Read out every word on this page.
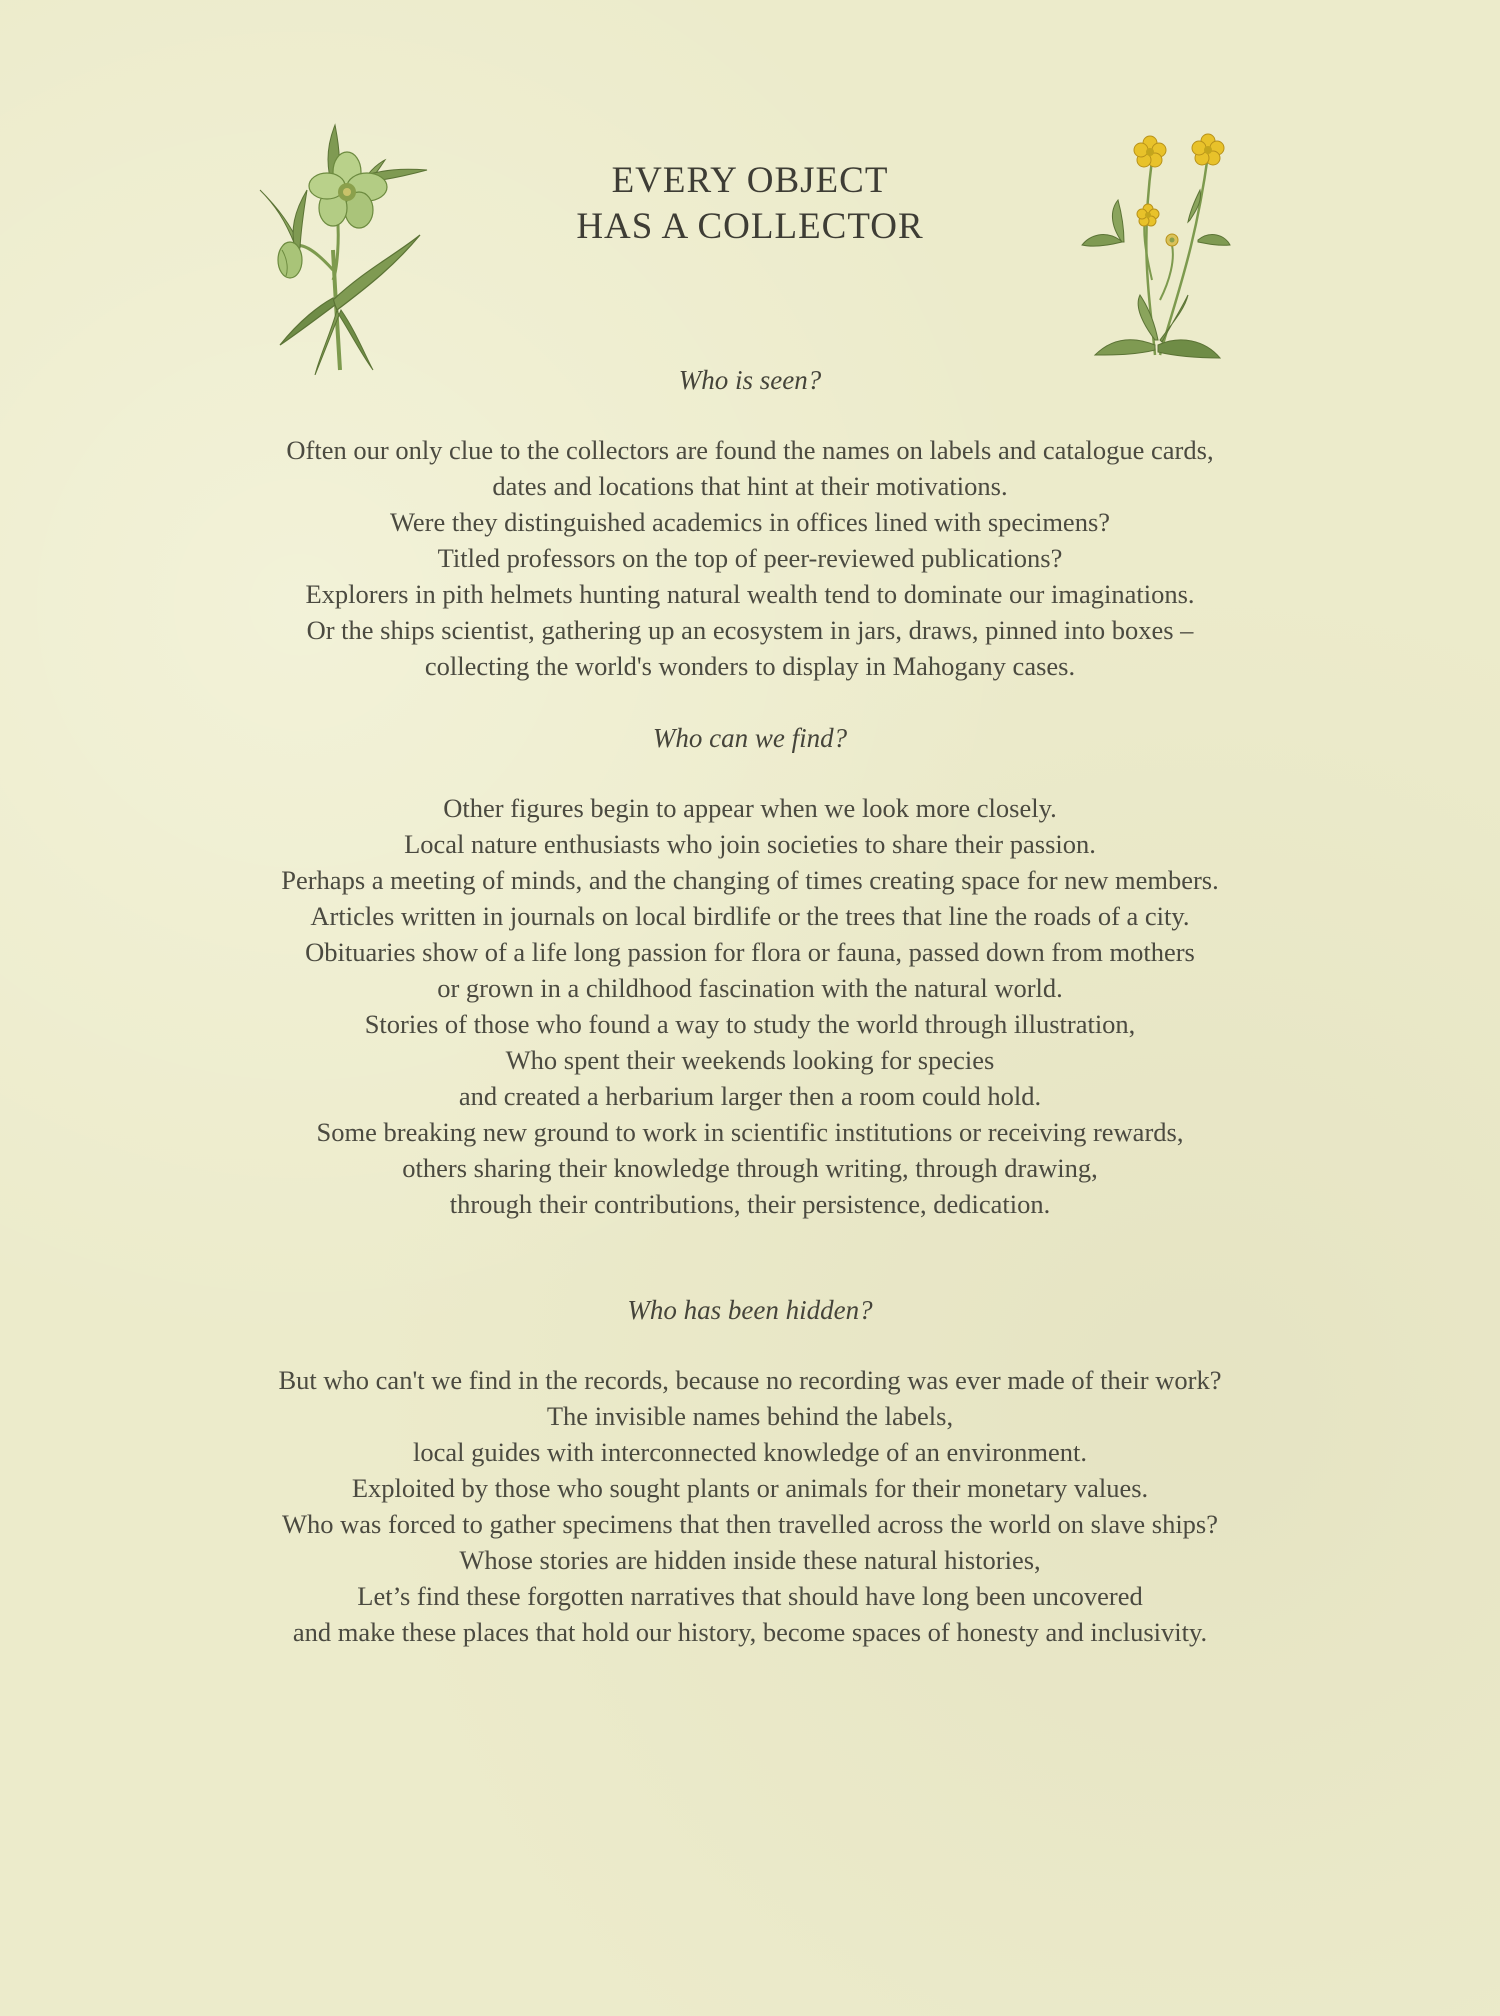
EVERY OBJECT
HAS A COLLECTOR

Who is seen?

Often our only clue to the collectors are found the names on labels and catalogue cards,
dates and locations that hint at their motivations.
Were they distinguished academics in offices lined with specimens?
Titled professors on the top of peer-reviewed publications?
Explorers in pith helmets hunting natural wealth tend to dominate our imaginations.
Or the ships scientist, gathering up an ecosystem in jars, draws, pinned into boxes –
collecting the world's wonders to display in Mahogany cases.

Who can we find?

Other figures begin to appear when we look more closely.
Local nature enthusiasts who join societies to share their passion.
Perhaps a meeting of minds, and the changing of times creating space for new members.
Articles written in journals on local birdlife or the trees that line the roads of a city.
Obituaries show of a life long passion for flora or fauna, passed down from mothers
or grown in a childhood fascination with the natural world.
Stories of those who found a way to study the world through illustration,
Who spent their weekends looking for species
and created a herbarium larger then a room could hold.
Some breaking new ground to work in scientific institutions or receiving rewards,
others sharing their knowledge through writing, through drawing,
through their contributions, their persistence, dedication.

Who has been hidden?

But who can't we find in the records, because no recording was ever made of their work?
The invisible names behind the labels,
local guides with interconnected knowledge of an environment.
Exploited by those who sought plants or animals for their monetary values.
Who was forced to gather specimens that then travelled across the world on slave ships?
Whose stories are hidden inside these natural histories,
Let’s find these forgotten narratives that should have long been uncovered
and make these places that hold our history, become spaces of honesty and inclusivity.
